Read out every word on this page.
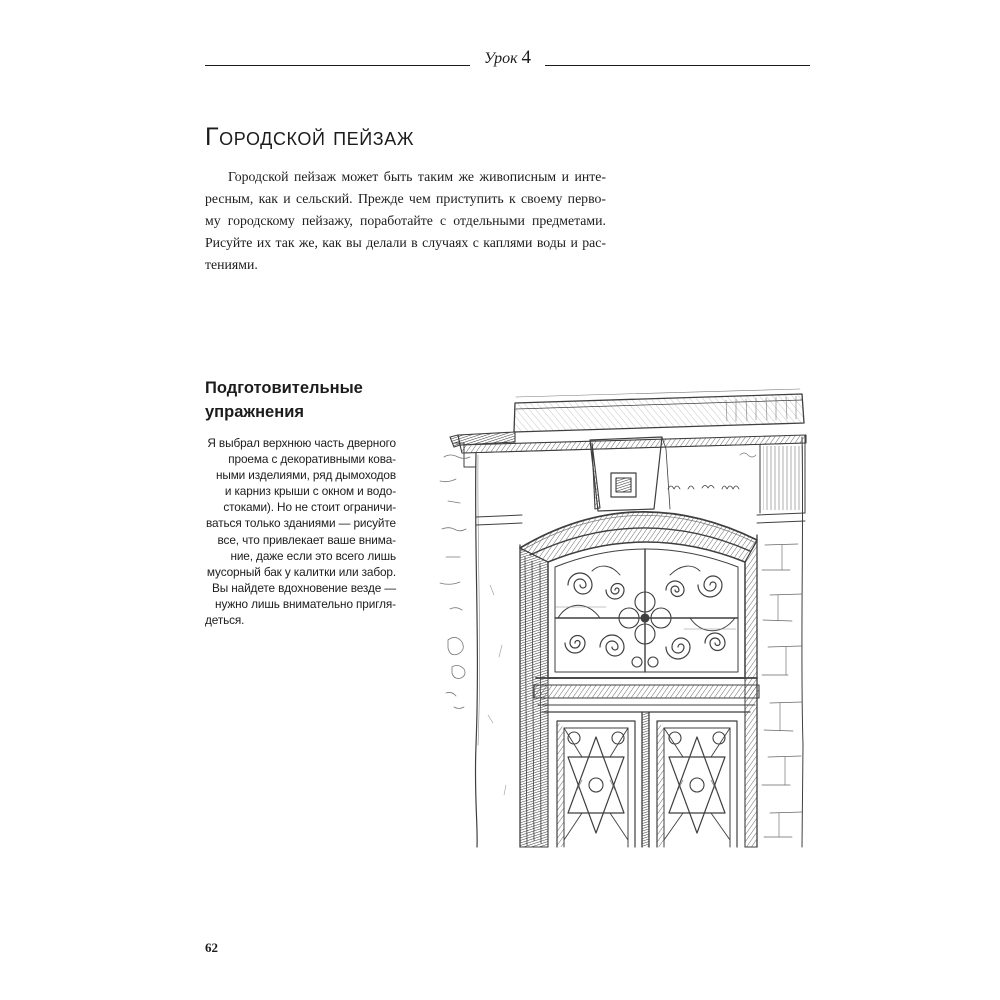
Урок 4
Городской пейзаж
Городской пейзаж может быть таким же живописным и инте-
ресным, как и сельский. Прежде чем приступить к своему перво-
му городскому пейзажу, поработайте с отдельными предметами.
Рисуйте их так же, как вы делали в случаях с каплями воды и рас-
тениями.
Подготовительные
упражнения
Я выбрал верхнюю часть дверного
проема с декоративными кова-
ными изделиями, ряд дымоходов
и карниз крыши с окном и водо-
стоками). Но не стоит ограничи-
ваться только зданиями — рисуйте
все, что привлекает ваше внима-
ние, даже если это всего лишь
мусорный бак у калитки или забор.
Вы найдете вдохновение везде —
нужно лишь внимательно пригля-
деться.
62
